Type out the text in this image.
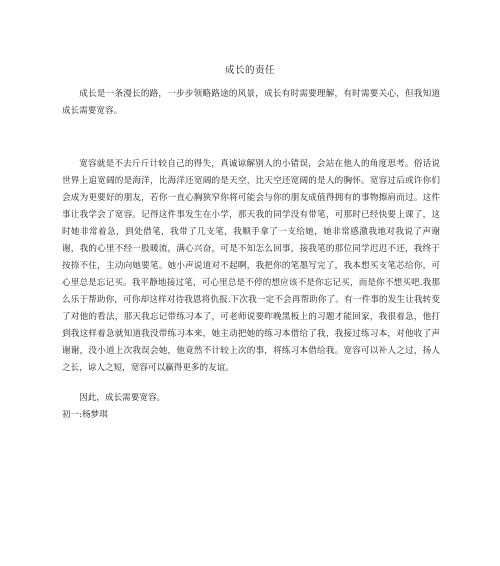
成长的责任

成长是一条漫长的路，一步步领略路途的风景，成长有时需要理解，有时需要关心，但我知道成长需要宽容。

宽容就是不去斤斤计较自己的得失，真诚谅解别人的小错误，会站在他人的角度思考。俗话说世界上追宽阔的是海洋，比海洋还宽阔的是天空，比天空还宽阔的是人的胸怀。宽容过后或许你们会成为更要好的朋友，若你一直心胸狭窄你将可能会与你的朋友成值得拥有的事物擦肩而过。这件事让我学会了宽容。记得这件事发生在小学，那天我的同学没有带笔，可那时已经快要上课了，这时她非常着急，到处借笔，我带了几支笔，我顺手拿了一支给她，她非常感激我地对我说了声谢谢，我的心里不经一股暖流，满心兴奋，可是不知怎么回事，接我笔的那位同学迟迟不还，我终于按捺不住，主动向她要笔。她小声说道对不起啊，我把你的笔墨写完了，我本想买支笔芯给你，可心里总是忘记买。我平静地接过笔，可心里总是不停的想应该不是你忘记买，而是你不想买吧.我那么乐于帮助你，可你却这样对待我恩将仇报.下次我一定不会再帮助你了。有一件事的发生让我转变了对他的看法，那天我忘记带练习本了，可老师说要昨晚黑板上的习题才能回家，我很着急，他打到我这样着急就知道我没带练习本来，她主动把她的练习本借给了我，我接过练习本，对他收了声谢谢，没小道上次我误会她，他竟然不计较上次的事，将练习本借给我。宽容可以补人之过，扬人之长，谅人之短，宽容可以赢得更多的友谊。

因此，成长需要宽容。

初一:杨梦琪
